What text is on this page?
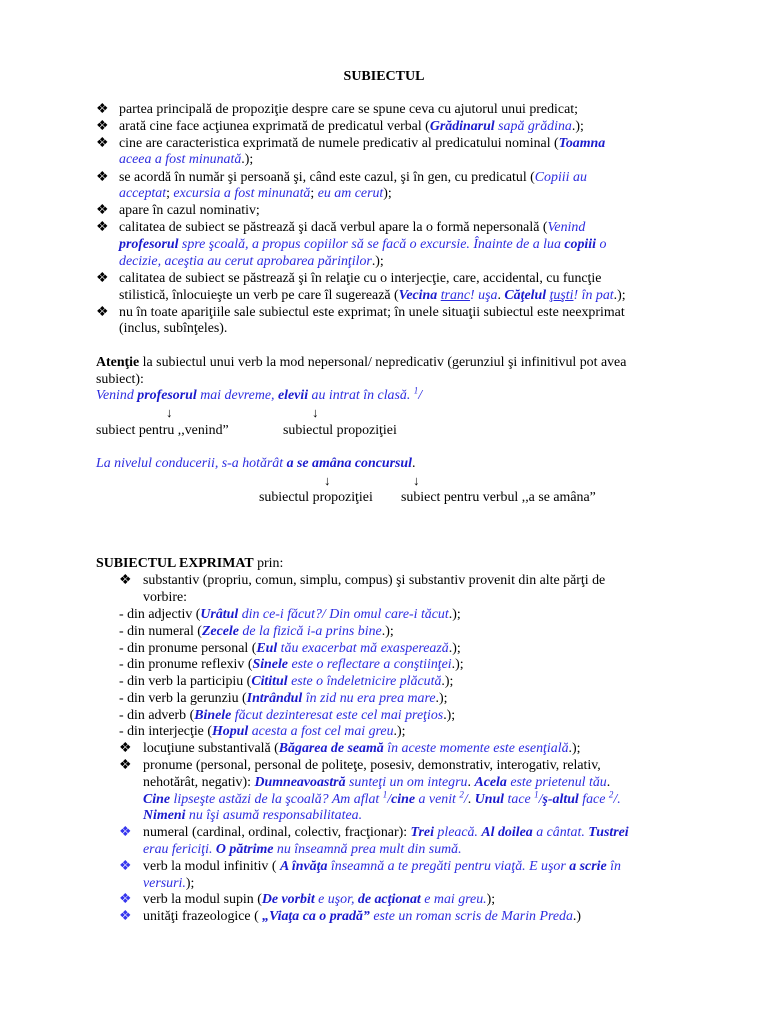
SUBIECTUL
❖ partea principală de propoziţie despre care se spune ceva cu ajutorul unui predicat;
❖ arată cine face acţiunea exprimată de predicatul verbal (Grădinarul sapă grădina.);
❖ cine are caracteristica exprimată de numele predicativ al predicatului nominal (Toamna
aceea a fost minunată.);
❖ se acordă în număr şi persoană şi, când este cazul, şi în gen, cu predicatul (Copiii au
acceptat; excursia a fost minunată; eu am cerut);
❖ apare în cazul nominativ;
❖ calitatea de subiect se păstrează şi dacă verbul apare la o formă nepersonală (Venind
profesorul spre şcoală, a propus copiilor să se facă o excursie. Înainte de a lua copiii o
decizie, aceştia au cerut aprobarea părinţilor.);
❖ calitatea de subiect se păstrează şi în relaţie cu o interjecţie, care, accidental, cu funcţie
stilistică, înlocuieşte un verb pe care îl sugerează (Vecina tranc! uşa. Căţelul ţuşti! în pat.);
❖ nu în toate apariţiile sale subiectul este exprimat; în unele situaţii subiectul este neexprimat
(inclus, subînţeles).
Atenţie la subiectul unui verb la mod nepersonal/ nepredicativ (gerunziul şi infinitivul pot avea
subiect):
Venind profesorul mai devreme, elevii au intrat în clasă. $^1$/
↓	↓
subiect pentru ,,venind”	subiectul propoziţiei
La nivelul conducerii, s-a hotărât a se amâna concursul.
↓	↓
subiectul propoziţiei subiect pentru verbul ,,a se amâna”
SUBIECTUL EXPRIMAT prin:
❖ substantiv (propriu, comun, simplu, compus) şi substantiv provenit din alte părţi de
vorbire:
- din adjectiv (Urâtul din ce-i făcut?/ Din omul care-i tăcut.);
- din numeral (Zecele de la fizică i-a prins bine.);
- din pronume personal (Eul tău exacerbat mă exasperează.);
- din pronume reflexiv (Sinele este o reflectare a conştiinţei.);
- din verb la participiu (Cititul este o îndeletnicire plăcută.);
- din verb la gerunziu (Intrândul în zid nu era prea mare.);
- din adverb (Binele făcut dezinteresat este cel mai preţios.);
- din interjecţie (Hopul acesta a fost cel mai greu.);
❖ locuţiune substantivală (Băgarea de seamă în aceste momente este esenţială.);
❖ pronume (personal, personal de politeţe, posesiv, demonstrativ, interogativ, relativ,
nehotărât, negativ): Dumneavoastră sunteţi un om integru. Acela este prietenul tău.
Cine lipseşte astăzi de la şcoală? Am aflat $^1$/cine a venit $^2$/. Unul tace $^1$/ş-altul face $^2$/.
Nimeni nu îşi asumă responsabilitatea.
❖ numeral (cardinal, ordinal, colectiv, fracţionar): Trei pleacă. Al doilea a cântat. Tustrei
erau fericiţi. O pătrime nu înseamnă prea mult din sumă.
❖ verb la modul infinitiv ( A învăţa înseamnă a te pregăti pentru viaţă. E uşor a scrie în
versuri.);
❖ verb la modul supin (De vorbit e uşor, de acţionat e mai greu.);
❖ unităţi frazeologice ( „Viaţa ca o pradă” este un roman scris de Marin Preda.)
